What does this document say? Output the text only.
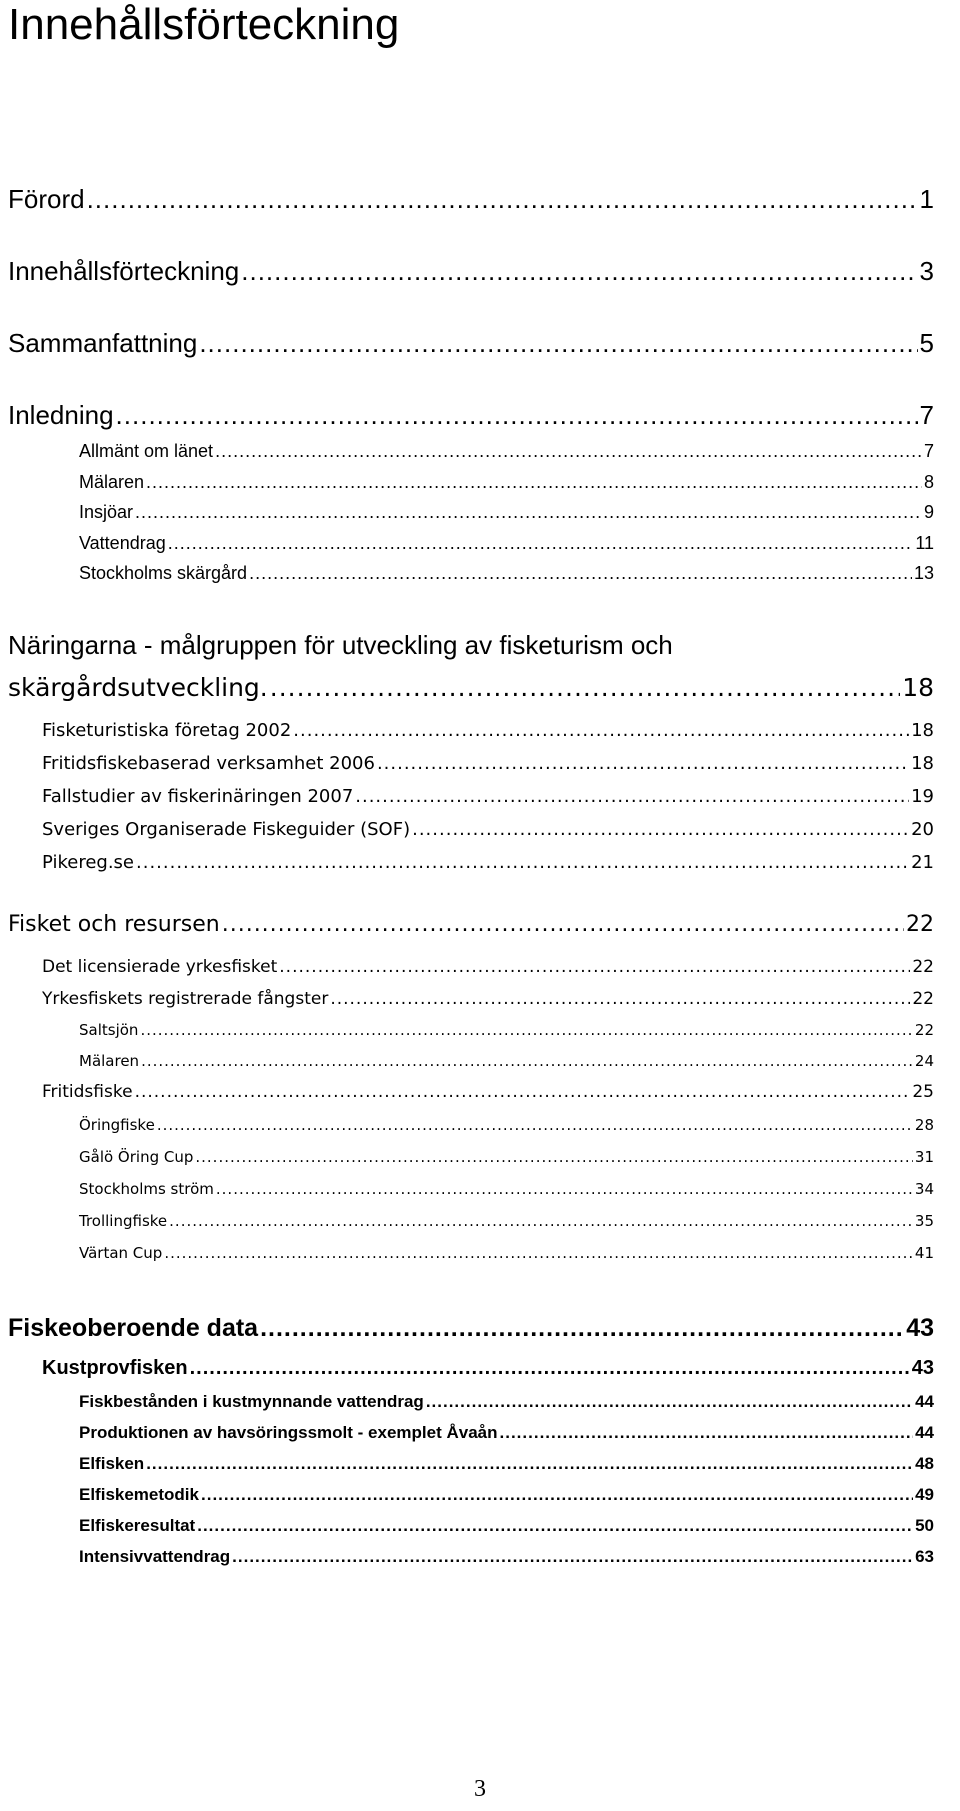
Innehållsförteckning
Förord .....	1
Innehållsförteckning .....	3
Sammanfattning .....	5
Inledning .....	7
Allmänt om länet .....	7
Mälaren .....	8
Insjöar .....	9
Vattendrag .....	11
Stockholms skärgård .....	13
Näringarna - målgruppen för utveckling av fisketurism och
skärgårdsutveckling. .....	18
Fisketuristiska företag 2002 .....	18
Fritidsfiskebaserad verksamhet 2006 .....	18
Fallstudier av fiskerinäringen 2007 .....	19
Sveriges Organiserade Fiskeguider (SOF) .....	20
Pikereg.se .....	21
Fisket och resursen .....	22
Det licensierade yrkesfisket .....	22
Yrkesfiskets registrerade fångster .....	22
Saltsjön .....	22
Mälaren .....	24
Fritidsfiske .....	25
Öringfiske .....	28
Gålö Öring Cup .....	31
Stockholms ström .....	34
Trollingfiske .....	35
Värtan Cup .....	41
Fiskeoberoende data .....	43
Kustprovfisken .....	43
Fiskbestånden i kustmynnande vattendrag .....	44
Produktionen av havsöringssmolt - exemplet Åvaån .....	44
Elfisken .....	48
Elfiskemetodik .....	49
Elfiskeresultat .....	50
Intensivvattendrag .....	63
3
